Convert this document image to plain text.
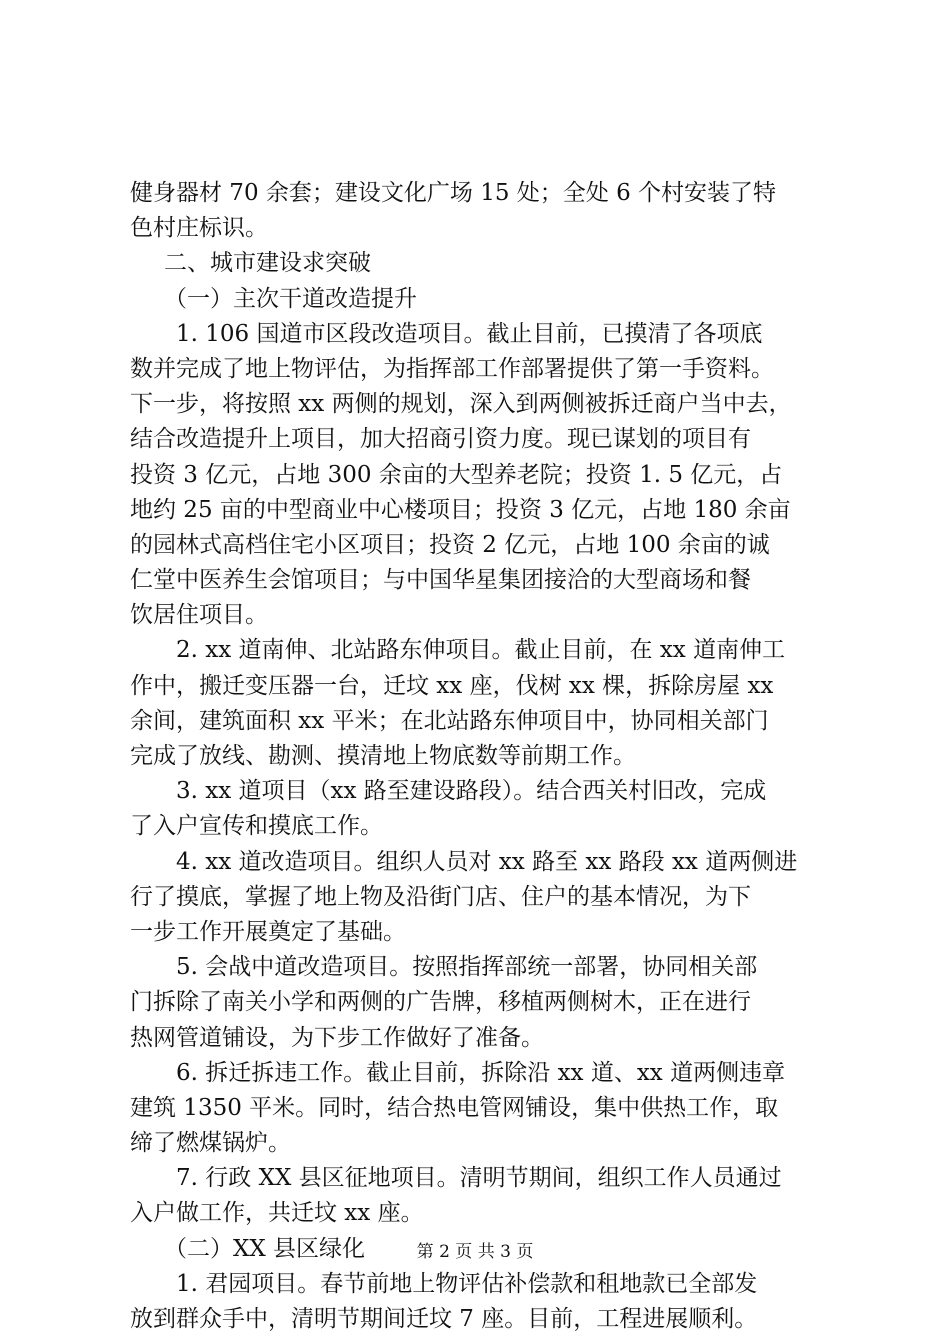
健身器材 70 余套；建设文化广场 15 处；全处 6 个村安装了特
色村庄标识。
二、城市建设求突破
（一）主次干道改造提升
1. 106 国道市区段改造项目。截止目前，已摸清了各项底
数并完成了地上物评估，为指挥部工作部署提供了第一手资料。
下一步，将按照 xx 两侧的规划，深入到两侧被拆迁商户当中去，
结合改造提升上项目，加大招商引资力度。现已谋划的项目有
投资 3 亿元，占地 300 余亩的大型养老院；投资 1. 5 亿元，占
地约 25 亩的中型商业中心楼项目；投资 3 亿元，占地 180 余亩
的园林式高档住宅小区项目；投资 2 亿元，占地 100 余亩的诚
仁堂中医养生会馆项目；与中国华星集团接洽的大型商场和餐
饮居住项目。
2. xx 道南伸、北站路东伸项目。截止目前，在 xx 道南伸工
作中，搬迁变压器一台，迁坟 xx 座，伐树 xx 棵，拆除房屋 xx
余间，建筑面积 xx 平米；在北站路东伸项目中，协同相关部门
完成了放线、勘测、摸清地上物底数等前期工作。
3. xx 道项目（xx 路至建设路段）。结合西关村旧改，完成
了入户宣传和摸底工作。
4. xx 道改造项目。组织人员对 xx 路至 xx 路段 xx 道两侧进
行了摸底，掌握了地上物及沿街门店、住户的基本情况，为下
一步工作开展奠定了基础。
5. 会战中道改造项目。按照指挥部统一部署，协同相关部
门拆除了南关小学和两侧的广告牌，移植两侧树木，正在进行
热网管道铺设，为下步工作做好了准备。
6. 拆迁拆违工作。截止目前，拆除沿 xx 道、xx 道两侧违章
建筑 1350 平米。同时，结合热电管网铺设，集中供热工作，取
缔了燃煤锅炉。
7. 行政 XX 县区征地项目。清明节期间，组织工作人员通过
入户做工作，共迁坟 xx 座。
（二）XX 县区绿化
1. 君园项目。春节前地上物评估补偿款和租地款已全部发
放到群众手中，清明节期间迁坟 7 座。目前，工程进展顺利。
第 2 页 共 3 页
